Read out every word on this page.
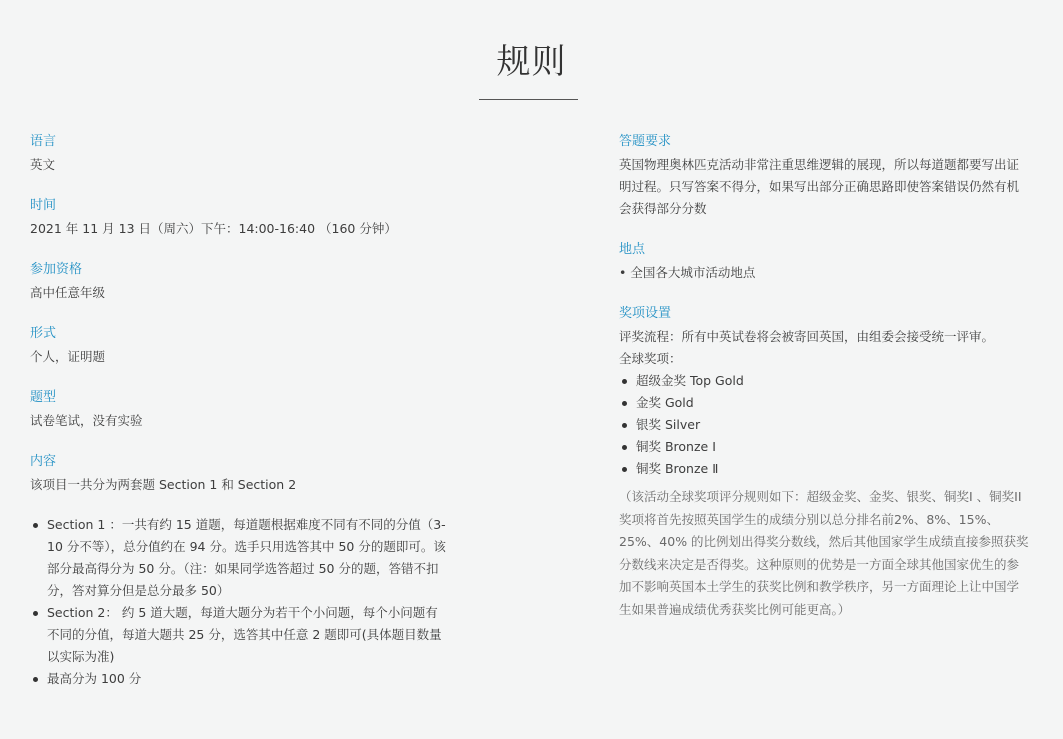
规则
语言
英文
时间
2021 年 11 月 13 日（周六）下午：14:00-16:40 （160 分钟）
参加资格
高中任意年级
形式
个人，证明题
题型
试卷笔试，没有实验
内容
该项目一共分为两套题 Section 1 和 Section 2
Section 1 ：一共有约 15 道题，每道题根据难度不同有不同的分值（3-10 分不等），总分值约在 94 分。选手只用选答其中 50 分的题即可。该部分最高得分为 50 分。（注：如果同学选答超过 50 分的题，答错不扣分，答对算分但是总分最多 50）
Section 2： 约 5 道大题，每道大题分为若干个小问题，每个小问题有不同的分值，每道大题共 25 分，选答其中任意 2 题即可(具体题目数量以实际为准)
最高分为 100 分
答题要求
英国物理奥林匹克活动非常注重思维逻辑的展现，所以每道题都要写出证明过程。只写答案不得分，如果写出部分正确思路即使答案错误仍然有机会获得部分分数
地点
• 全国各大城市活动地点
奖项设置
评奖流程：所有中英试卷将会被寄回英国，由组委会接受统一评审。
全球奖项：
超级金奖 Top Gold
金奖 Gold
银奖 Silver
铜奖 Bronze Ⅰ
铜奖 Bronze Ⅱ
（该活动全球奖项评分规则如下：超级金奖、金奖、银奖、铜奖I 、铜奖II奖项将首先按照英国学生的成绩分别以总分排名前2%、8%、15%、25%、40% 的比例划出得奖分数线，然后其他国家学生成绩直接参照获奖分数线来决定是否得奖。这种原则的优势是一方面全球其他国家优生的参加不影响英国本土学生的获奖比例和教学秩序，另一方面理论上让中国学生如果普遍成绩优秀获奖比例可能更高。）
